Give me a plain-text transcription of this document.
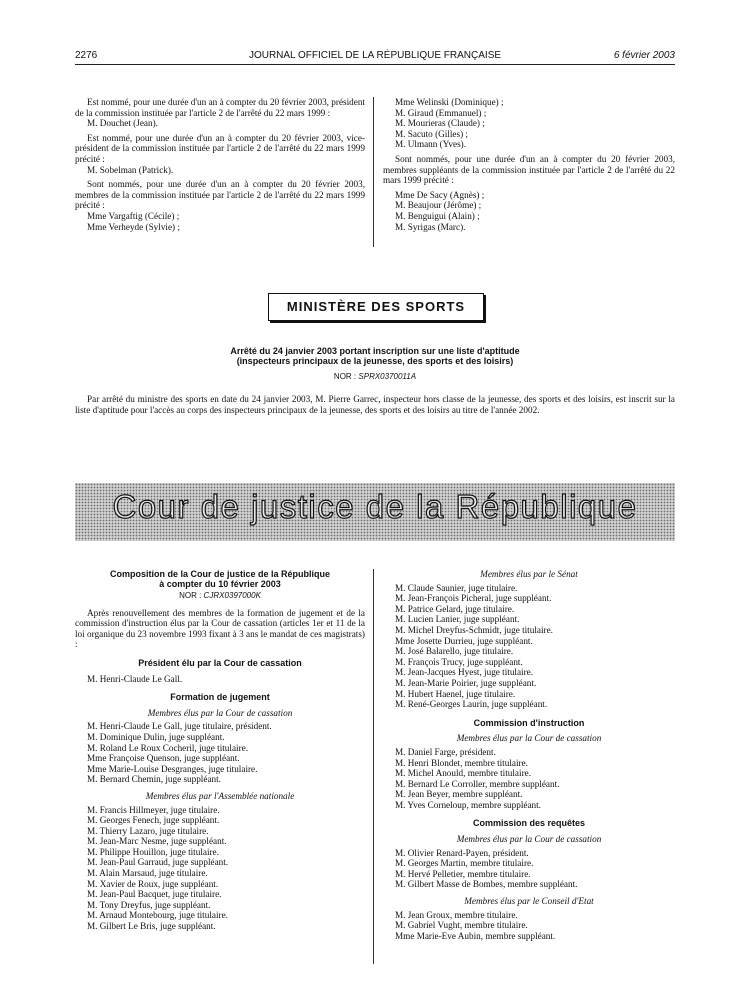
2276	JOURNAL OFFICIEL DE LA RÉPUBLIQUE FRANÇAISE	6 février 2003

Est nommé, pour une durée d'un an à compter du 20 février 2003, président de la commission instituée par l'article 2 de l'arrêté du 22 mars 1999 :

M. Douchet (Jean).

Est nommé, pour une durée d'un an à compter du 20 février 2003, vice-président de la commission instituée par l'article 2 de l'arrêté du 22 mars 1999 précité :

M. Sobelman (Patrick).

Sont nommés, pour une durée d'un an à compter du 20 février 2003, membres de la commission instituée par l'article 2 de l'arrêté du 22 mars 1999 précité :

Mme Vargaftig (Cécile) ;

Mme Verheyde (Sylvie) ;

Mme Welinski (Dominique) ;

M. Giraud (Emmanuel) ;

M. Mourieras (Claude) ;

M. Sacuto (Gilles) ;

M. Ulmann (Yves).

Sont nommés, pour une durée d'un an à compter du 20 février 2003, membres suppléants de la commission instituée par l'article 2 de l'arrêté du 22 mars 1999 précité :

Mme De Sacy (Agnès) ;

M. Beaujour (Jérôme) ;

M. Benguigui (Alain) ;

M. Syrigas (Marc).

MINISTÈRE DES SPORTS
Arrêté du 24 janvier 2003 portant inscription sur une liste d'aptitude
(inspecteurs principaux de la jeunesse, des sports et des loisirs)
NOR : SPRX0370011A

Par arrêté du ministre des sports en date du 24 janvier 2003, M. Pierre Garrec, inspecteur hors classe de la jeunesse, des sports et des loisirs, est inscrit sur la liste d'aptitude pour l'accès au corps des inspecteurs principaux de la jeunesse, des sports et des loisirs au titre de l'année 2002.

Cour de justice de la République
Composition de la Cour de justice de la République
à compter du 10 février 2003
NOR : CJRX0397000K

Après renouvellement des membres de la formation de jugement et de la commission d'instruction élus par la Cour de cassation (articles 1er et 11 de la loi organique du 23 novembre 1993 fixant à 3 ans le mandat de ces magistrats) :

Président élu par la Cour de cassation

M. Henri-Claude Le Gall.

Formation de jugement
Membres élus par la Cour de cassation
M. Henri-Claude Le Gall, juge titulaire, président.
M. Dominique Dulin, juge suppléant.
M. Roland Le Roux Cocheril, juge titulaire.
Mme Françoise Quenson, juge suppléant.
Mme Marie-Louise Desgranges, juge titulaire.
M. Bernard Chemin, juge suppléant.
Membres élus par l'Assemblée nationale
M. Francis Hillmeyer, juge titulaire.
M. Georges Fenech, juge suppléant.
M. Thierry Lazaro, juge titulaire.
M. Jean-Marc Nesme, juge suppléant.
M. Philippe Houillon, juge titulaire.
M. Jean-Paul Garraud, juge suppléant.
M. Alain Marsaud, juge titulaire.
M. Xavier de Roux, juge suppléant.
M. Jean-Paul Bacquet, juge titulaire.
M. Tony Dreyfus, juge suppléant.
M. Arnaud Montebourg, juge titulaire.
M. Gilbert Le Bris, juge suppléant.
Membres élus par le Sénat
M. Claude Saunier, juge titulaire.
M. Jean-François Picheral, juge suppléant.
M. Patrice Gelard, juge titulaire.
M. Lucien Lanier, juge suppléant.
M. Michel Dreyfus-Schmidt, juge titulaire.
Mme Josette Durrieu, juge suppléant.
M. José Balarello, juge titulaire.
M. François Trucy, juge suppléant.
M. Jean-Jacques Hyest, juge titulaire.
M. Jean-Marie Poirier, juge suppléant.
M. Hubert Haenel, juge titulaire.
M. René-Georges Laurin, juge suppléant.
Commission d'instruction
Membres élus par la Cour de cassation
M. Daniel Farge, président.
M. Henri Blondet, membre titulaire.
M. Michel Anould, membre titulaire.
M. Bernard Le Corroller, membre suppléant.
M. Jean Beyer, membre suppléant.
M. Yves Corneloup, membre suppléant.
Commission des requêtes
Membres élus par la Cour de cassation
M. Olivier Renard-Payen, président.
M. Georges Martin, membre titulaire.
M. Hervé Pelletier, membre titulaire.
M. Gilbert Masse de Bombes, membre suppléant.
Membres élus par le Conseil d'Etat
M. Jean Groux, membre titulaire.
M. Gabriel Vught, membre titulaire.
Mme Marie-Eve Aubin, membre suppléant.
